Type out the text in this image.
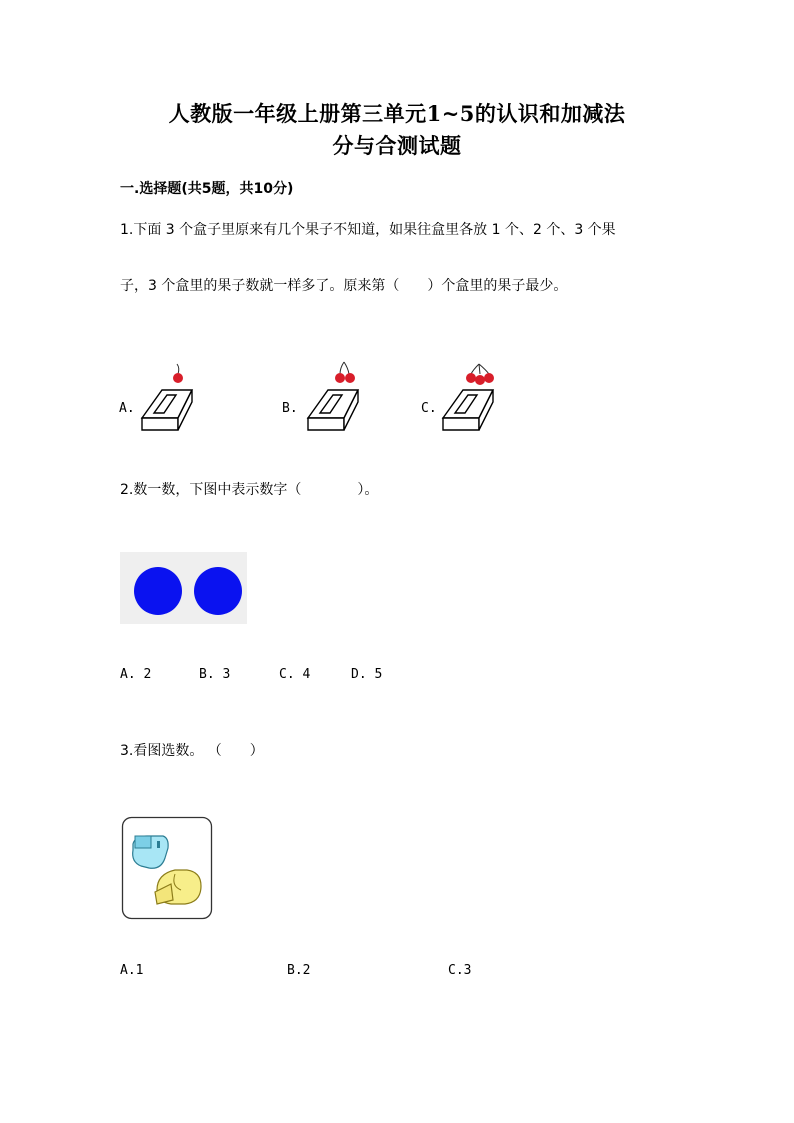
人教版一年级上册第三单元1~5的认识和加减法
分与合测试题
一.选择题(共5题，共10分)
1.下面 3 个盒子里原来有几个果子不知道，如果往盒里各放 1 个、2 个、3 个果
子，3 个盒里的果子数就一样多了。原来第（　　）个盒里的果子最少。
A.	B.	C.
2.数一数，下图中表示数字（　　　　）。
A. 2	B. 3	C. 4	D. 5
3.看图选数。 （　　）
A.1	B.2	C.3
